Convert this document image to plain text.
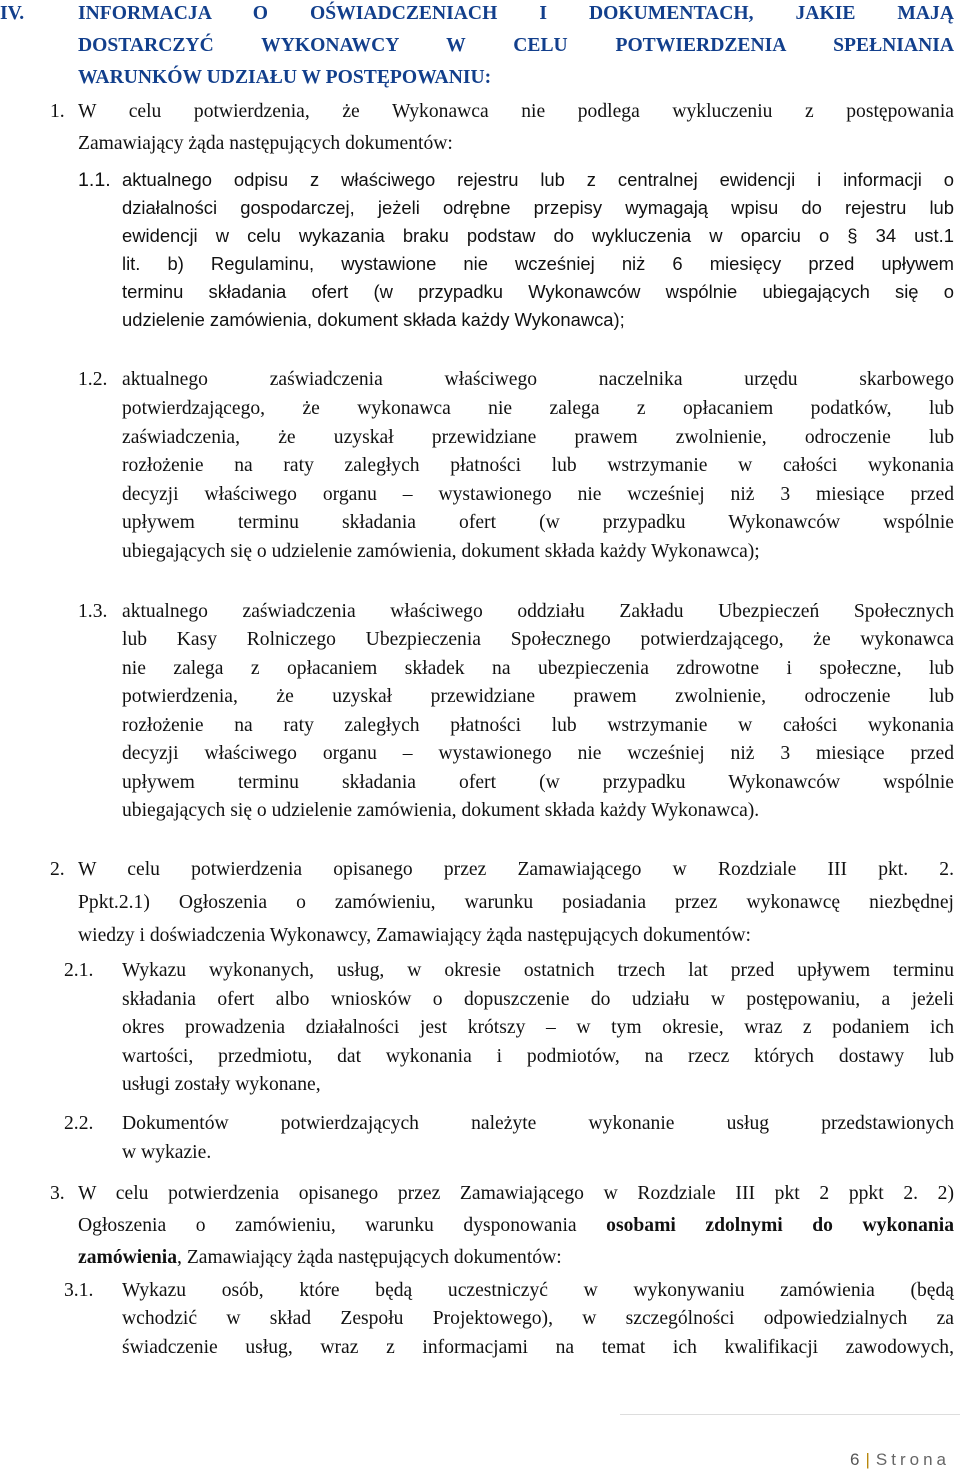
IV.	INFORMACJA O OŚWIADCZENIACH I DOKUMENTACH, JAKIE MAJĄ
DOSTARCZYĆ WYKONAWCY W CELU POTWIERDZENIA SPEŁNIANIA
WARUNKÓW UDZIAŁU W POSTĘPOWANIU:
1. W celu potwierdzenia, że Wykonawca nie podlega wykluczeniu z postępowania
Zamawiający żąda następujących dokumentów:
1.1. aktualnego odpisu z właściwego rejestru lub z centralnej ewidencji i informacji o
działalności gospodarczej, jeżeli odrębne przepisy wymagają wpisu do rejestru lub
ewidencji w celu wykazania braku podstaw do wykluczenia w oparciu o § 34 ust.1
lit. b) Regulaminu, wystawione nie wcześniej niż 6 miesięcy przed upływem
terminu składania ofert (w przypadku Wykonawców wspólnie ubiegających się o
udzielenie zamówienia, dokument składa każdy Wykonawca);
1.2. aktualnego zaświadczenia właściwego naczelnika urzędu skarbowego
potwierdzającego, że wykonawca nie zalega z opłacaniem podatków, lub
zaświadczenia, że uzyskał przewidziane prawem zwolnienie, odroczenie lub
rozłożenie na raty zaległych płatności lub wstrzymanie w całości wykonania
decyzji właściwego organu – wystawionego nie wcześniej niż 3 miesiące przed
upływem terminu składania ofert (w przypadku Wykonawców wspólnie
ubiegających się o udzielenie zamówienia, dokument składa każdy Wykonawca);
1.3. aktualnego zaświadczenia właściwego oddziału Zakładu Ubezpieczeń Społecznych
lub Kasy Rolniczego Ubezpieczenia Społecznego potwierdzającego, że wykonawca
nie zalega z opłacaniem składek na ubezpieczenia zdrowotne i społeczne, lub
potwierdzenia, że uzyskał przewidziane prawem zwolnienie, odroczenie lub
rozłożenie na raty zaległych płatności lub wstrzymanie w całości wykonania
decyzji właściwego organu – wystawionego nie wcześniej niż 3 miesiące przed
upływem terminu składania ofert (w przypadku Wykonawców wspólnie
ubiegających się o udzielenie zamówienia, dokument składa każdy Wykonawca).
2. W celu potwierdzenia opisanego przez Zamawiającego w Rozdziale III pkt. 2.
Ppkt.2.1) Ogłoszenia o zamówieniu, warunku posiadania przez wykonawcę niezbędnej
wiedzy i doświadczenia Wykonawcy, Zamawiający żąda następujących dokumentów:
2.1. Wykazu wykonanych, usług, w okresie ostatnich trzech lat przed upływem terminu
składania ofert albo wniosków o dopuszczenie do udziału w postępowaniu, a jeżeli
okres prowadzenia działalności jest krótszy – w tym okresie, wraz z podaniem ich
wartości, przedmiotu, dat wykonania i podmiotów, na rzecz których dostawy lub
usługi zostały wykonane,
2.2. Dokumentów potwierdzających należyte wykonanie usług przedstawionych
w wykazie.
3. W celu potwierdzenia opisanego przez Zamawiającego w Rozdziale III pkt 2 ppkt 2. 2)
Ogłoszenia o zamówieniu, warunku dysponowania osobami zdolnymi do wykonania
zamówienia, Zamawiający żąda następujących dokumentów:
3.1. Wykazu osób, które będą uczestniczyć w wykonywaniu zamówienia (będą
wchodzić w skład Zespołu Projektowego), w szczególności odpowiedzialnych za
świadczenie usług, wraz z informacjami na temat ich kwalifikacji zawodowych,
6 | Strona
